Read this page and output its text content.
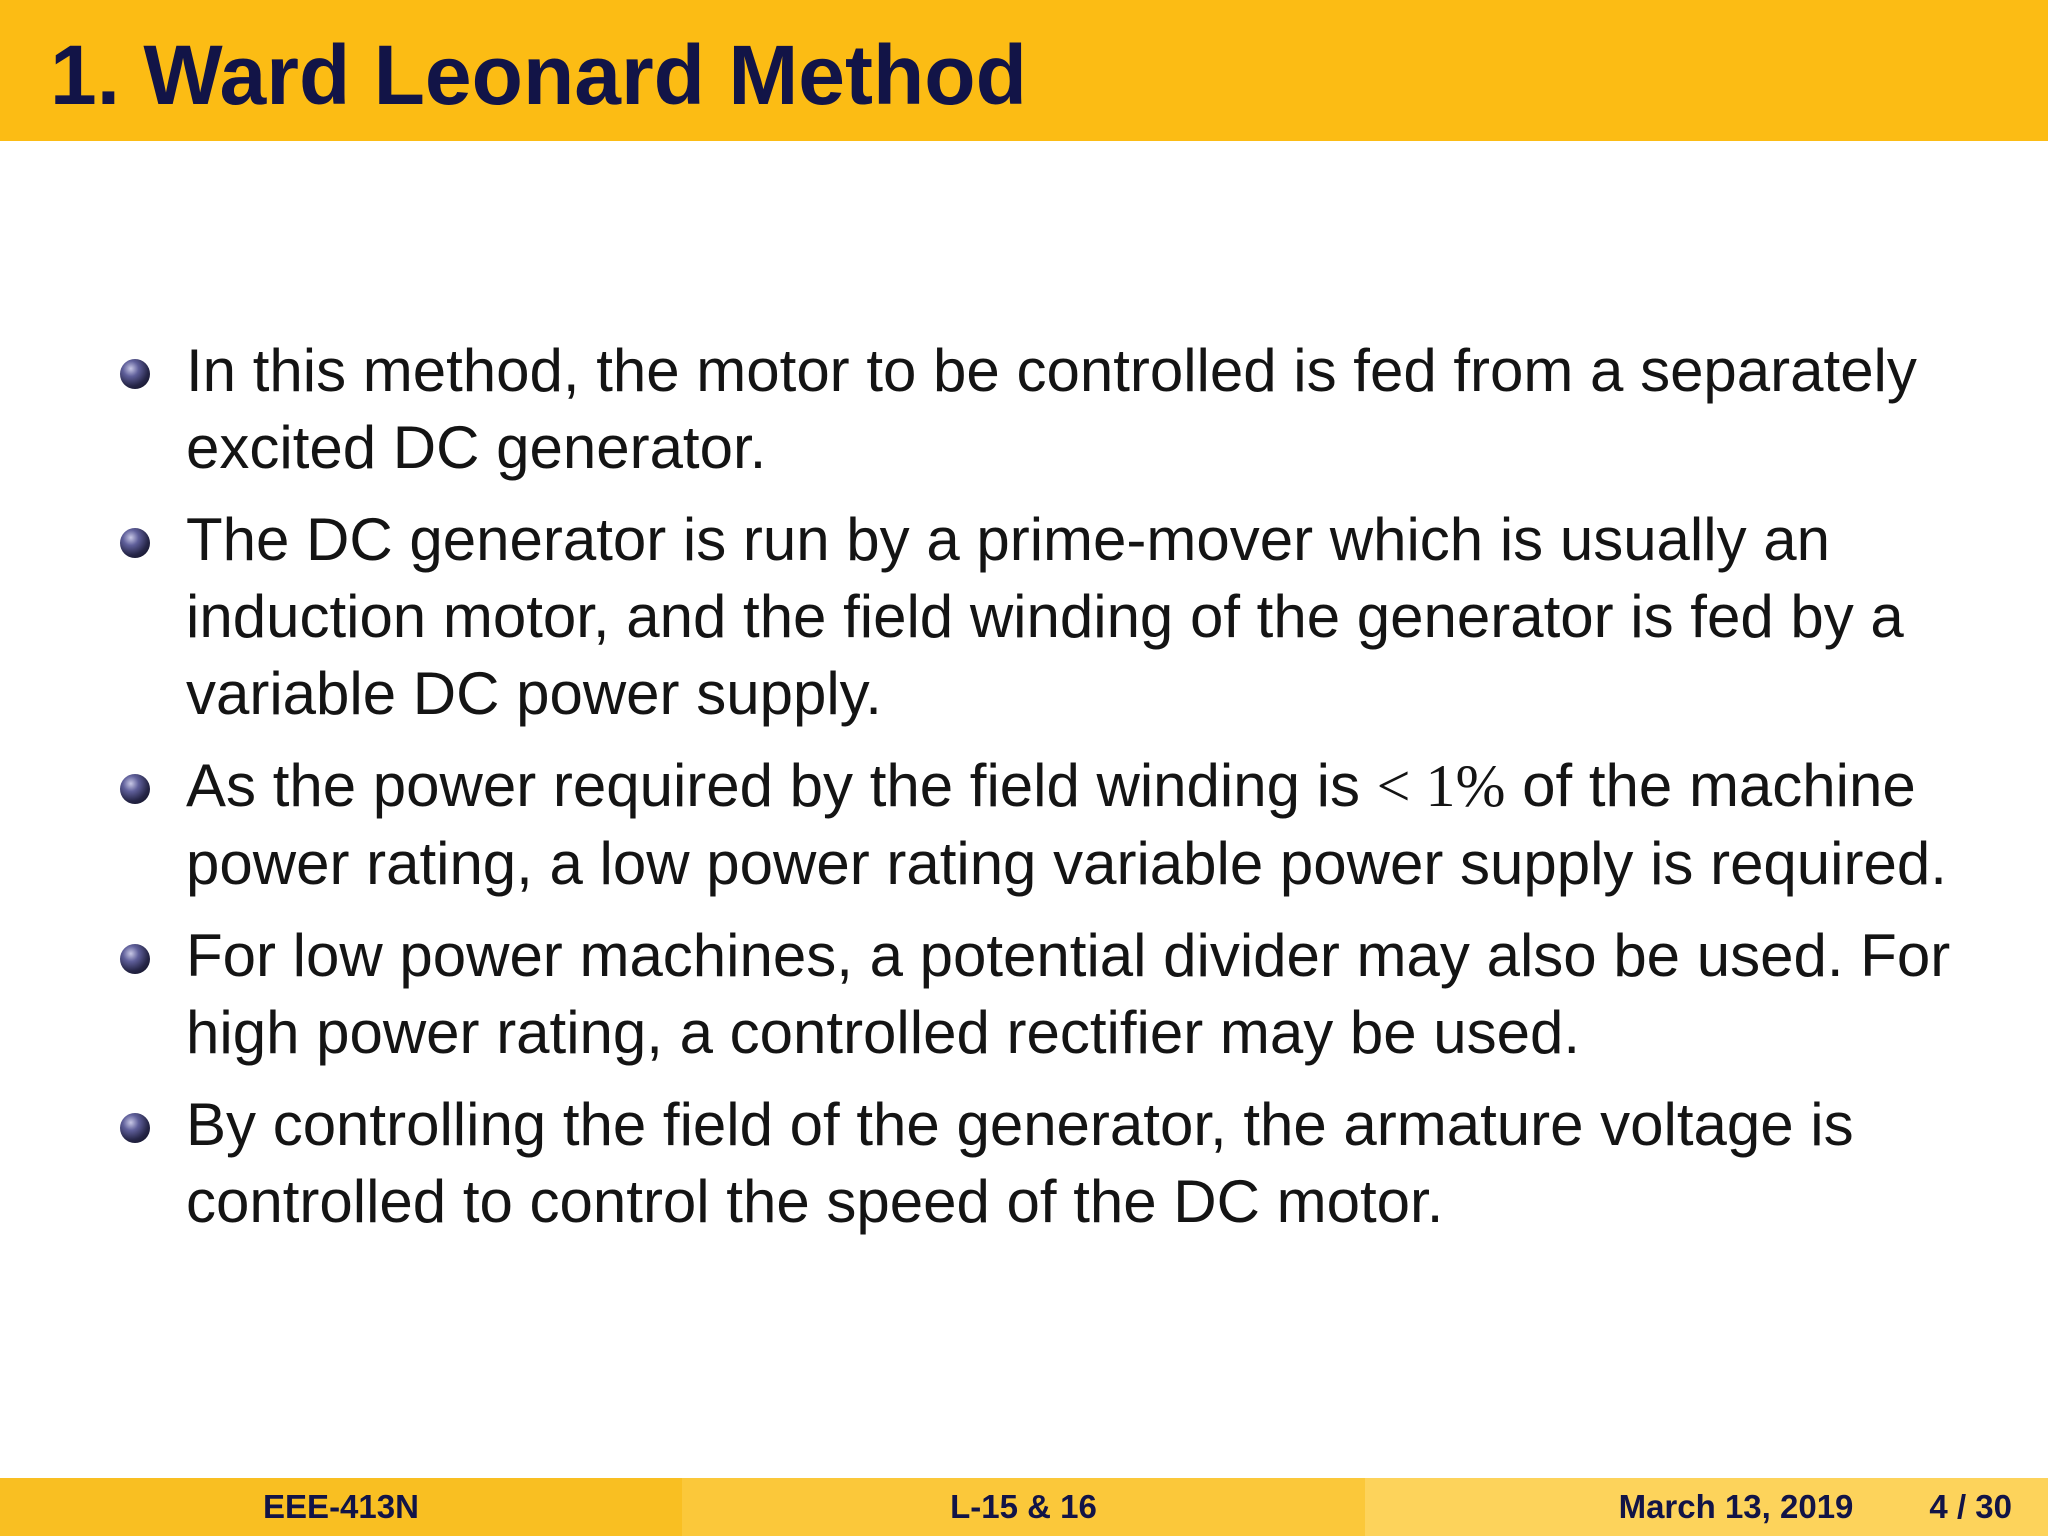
1. Ward Leonard Method
In this method, the motor to be controlled is fed from a separately excited DC generator.
The DC generator is run by a prime-mover which is usually an induction motor, and the field winding of the generator is fed by a variable DC power supply.
As the power required by the field winding is < 1% of the machine power rating, a low power rating variable power supply is required.
For low power machines, a potential divider may also be used. For high power rating, a controlled rectifier may be used.
By controlling the field of the generator, the armature voltage is controlled to control the speed of the DC motor.
EEE-413N	L-15 & 16	March 13, 2019 4 / 30
